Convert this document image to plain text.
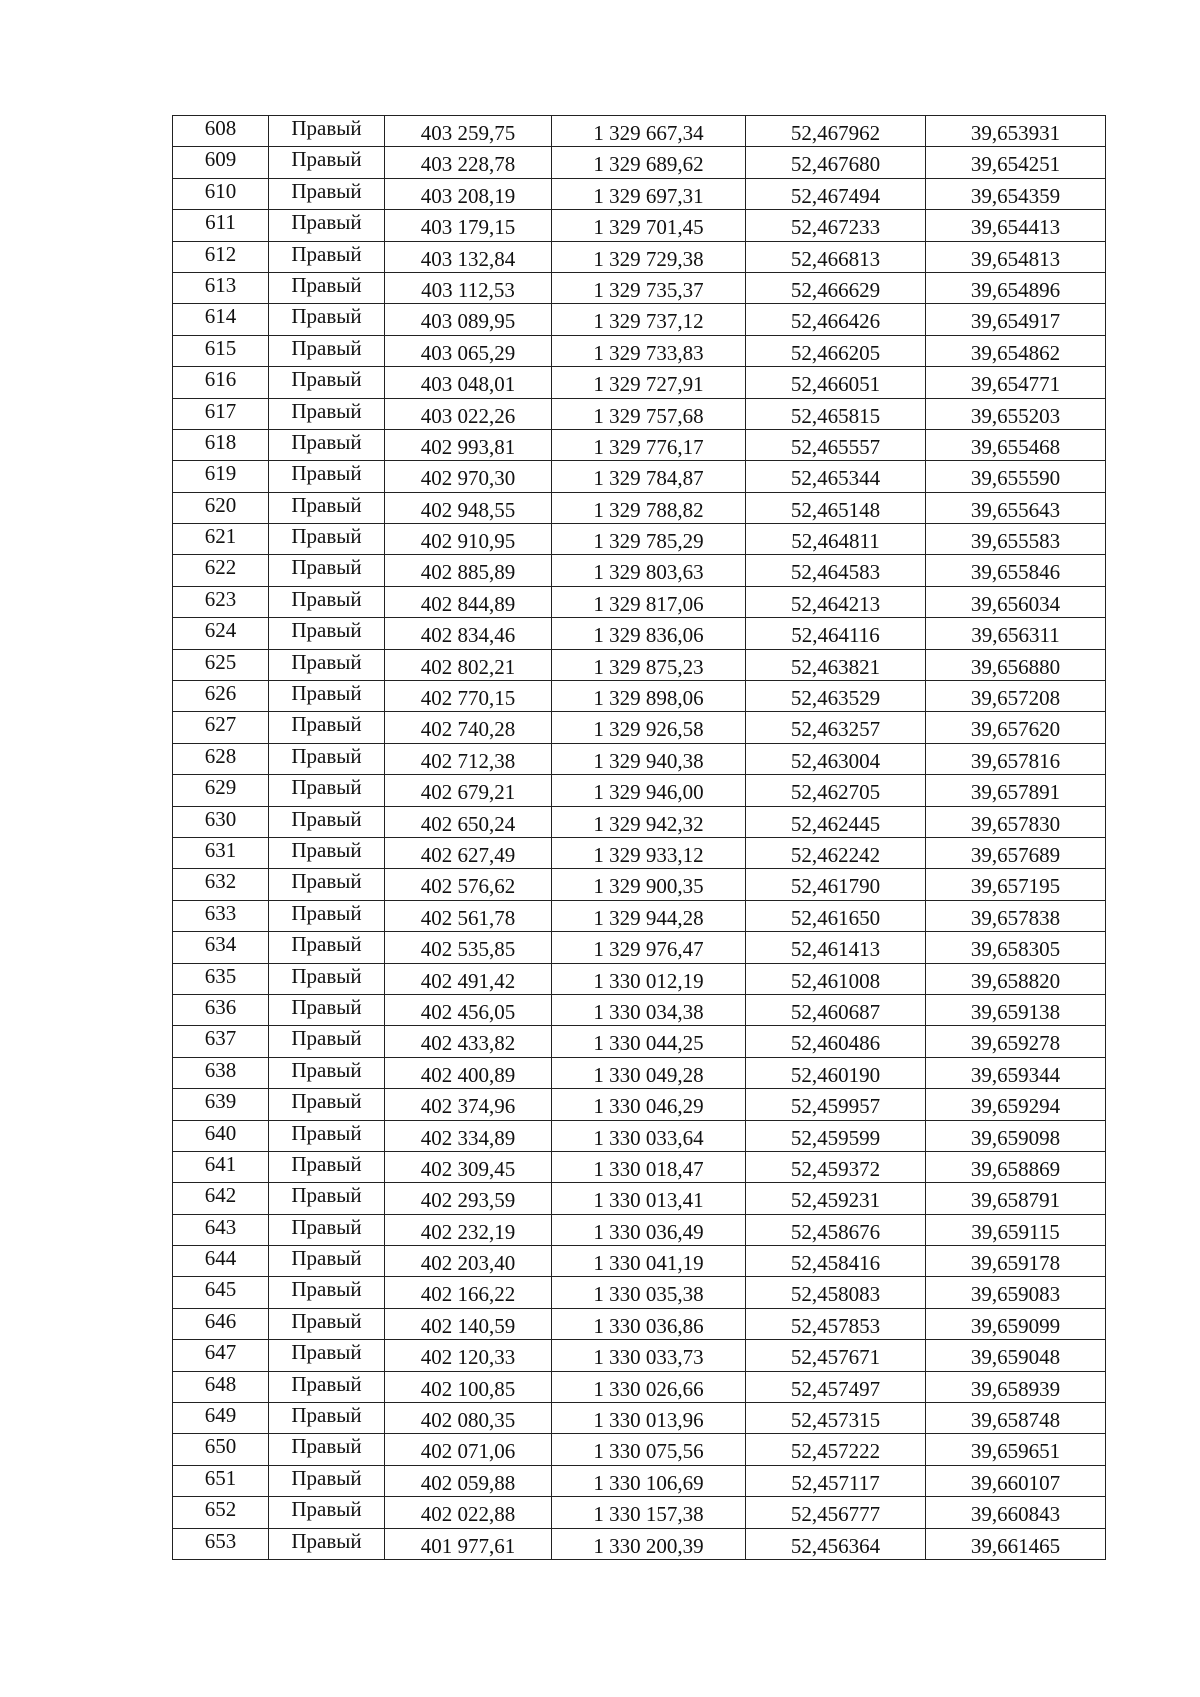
608	Правый	403 259,75	1 329 667,34	52,467962	39,653931

609	Правый	403 228,78	1 329 689,62	52,467680	39,654251

610	Правый	403 208,19	1 329 697,31	52,467494	39,654359

611	Правый	403 179,15	1 329 701,45	52,467233	39,654413

612	Правый	403 132,84	1 329 729,38	52,466813	39,654813

613	Правый	403 112,53	1 329 735,37	52,466629	39,654896

614	Правый	403 089,95	1 329 737,12	52,466426	39,654917

615	Правый	403 065,29	1 329 733,83	52,466205	39,654862

616	Правый	403 048,01	1 329 727,91	52,466051	39,654771

617	Правый	403 022,26	1 329 757,68	52,465815	39,655203

618	Правый	402 993,81	1 329 776,17	52,465557	39,655468

619	Правый	402 970,30	1 329 784,87	52,465344	39,655590

620	Правый	402 948,55	1 329 788,82	52,465148	39,655643

621	Правый	402 910,95	1 329 785,29	52,464811	39,655583

622	Правый	402 885,89	1 329 803,63	52,464583	39,655846

623	Правый	402 844,89	1 329 817,06	52,464213	39,656034

624	Правый	402 834,46	1 329 836,06	52,464116	39,656311

625	Правый	402 802,21	1 329 875,23	52,463821	39,656880

626	Правый	402 770,15	1 329 898,06	52,463529	39,657208

627	Правый	402 740,28	1 329 926,58	52,463257	39,657620

628	Правый	402 712,38	1 329 940,38	52,463004	39,657816

629	Правый	402 679,21	1 329 946,00	52,462705	39,657891

630	Правый	402 650,24	1 329 942,32	52,462445	39,657830

631	Правый	402 627,49	1 329 933,12	52,462242	39,657689

632	Правый	402 576,62	1 329 900,35	52,461790	39,657195

633	Правый	402 561,78	1 329 944,28	52,461650	39,657838

634	Правый	402 535,85	1 329 976,47	52,461413	39,658305

635	Правый	402 491,42	1 330 012,19	52,461008	39,658820

636	Правый	402 456,05	1 330 034,38	52,460687	39,659138

637	Правый	402 433,82	1 330 044,25	52,460486	39,659278

638	Правый	402 400,89	1 330 049,28	52,460190	39,659344

639	Правый	402 374,96	1 330 046,29	52,459957	39,659294

640	Правый	402 334,89	1 330 033,64	52,459599	39,659098

641	Правый	402 309,45	1 330 018,47	52,459372	39,658869

642	Правый	402 293,59	1 330 013,41	52,459231	39,658791

643	Правый	402 232,19	1 330 036,49	52,458676	39,659115

644	Правый	402 203,40	1 330 041,19	52,458416	39,659178

645	Правый	402 166,22	1 330 035,38	52,458083	39,659083

646	Правый	402 140,59	1 330 036,86	52,457853	39,659099

647	Правый	402 120,33	1 330 033,73	52,457671	39,659048

648	Правый	402 100,85	1 330 026,66	52,457497	39,658939

649	Правый	402 080,35	1 330 013,96	52,457315	39,658748

650	Правый	402 071,06	1 330 075,56	52,457222	39,659651

651	Правый	402 059,88	1 330 106,69	52,457117	39,660107

652	Правый	402 022,88	1 330 157,38	52,456777	39,660843

653	Правый	401 977,61	1 330 200,39	52,456364	39,661465
